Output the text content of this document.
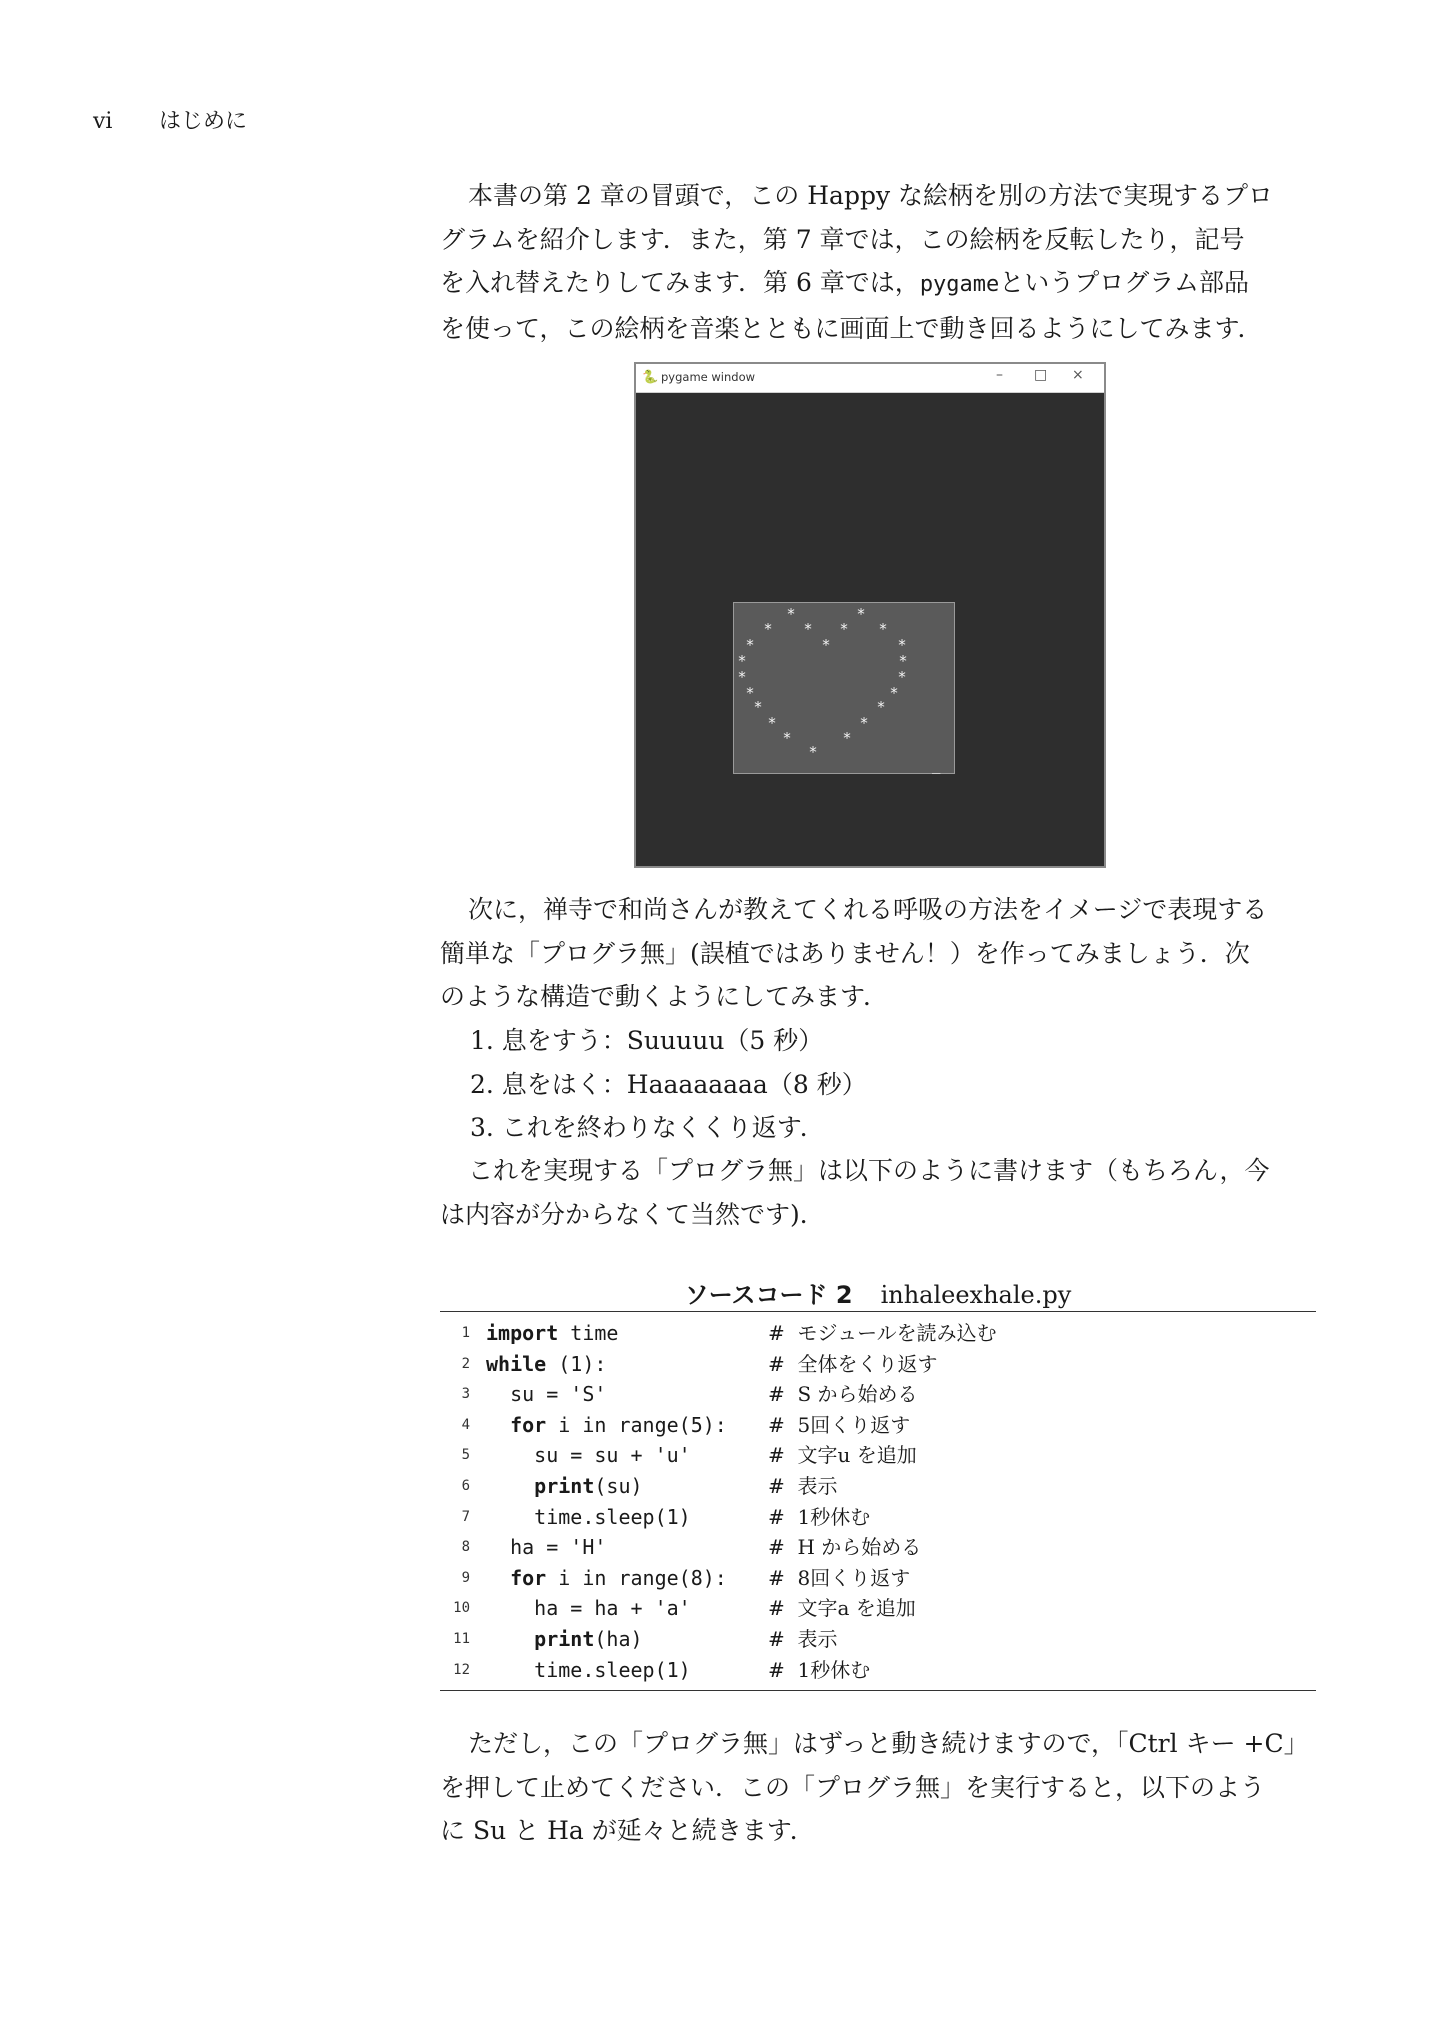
vi はじめに
本書の第 2 章の冒頭で，この Happy な絵柄を別の方法で実現するプロ
グラムを紹介します．また，第 7 章では，この絵柄を反転したり，記号
を入れ替えたりしてみます．第 6 章では，pygameというプログラム部品
を使って，この絵柄を音楽とともに画面上で動き回るようにしてみます．
🐍 pygame window	– □ ×
*	*
* * * *
*	*	*
*	*
*	*
*	*
*	*
*	*
*	*
*
_
次に，禅寺で和尚さんが教えてくれる呼吸の方法をイメージで表現する
簡単な「プログラ無」(誤植ではありません！）を作ってみましょう．次
のような構造で動くようにしてみます．
1. 息をすう：Suuuuu（5 秒）
2. 息をはく：Haaaaaaaa（8 秒）
3. これを終わりなくくり返す．
これを実現する「プログラ無」は以下のように書けます（もちろん，今
は内容が分からなくて当然です)．
ソースコード 2 inhaleexhale.py
1 import time	#  モジュールを読み込む
2 while (1):	#  全体をくり返す
3	su = 'S'	#  S から始める
4	for i in range(5): #  5回くり返す
5	su = su + 'u'	#  文字u を追加
6	print(su)	#  表示
7	time.sleep(1)	#  1秒休む
8	ha = 'H'	#  H から始める
9	for i in range(8): #  8回くり返す
10	ha = ha + 'a'	#  文字a を追加
11	print(ha)	#  表示
12	time.sleep(1)	#  1秒休む
ただし，この「プログラ無」はずっと動き続けますので，「Ctrl キー +C」
を押して止めてください．この「プログラ無」を実行すると，以下のよう
に Su と Ha が延々と続きます．
